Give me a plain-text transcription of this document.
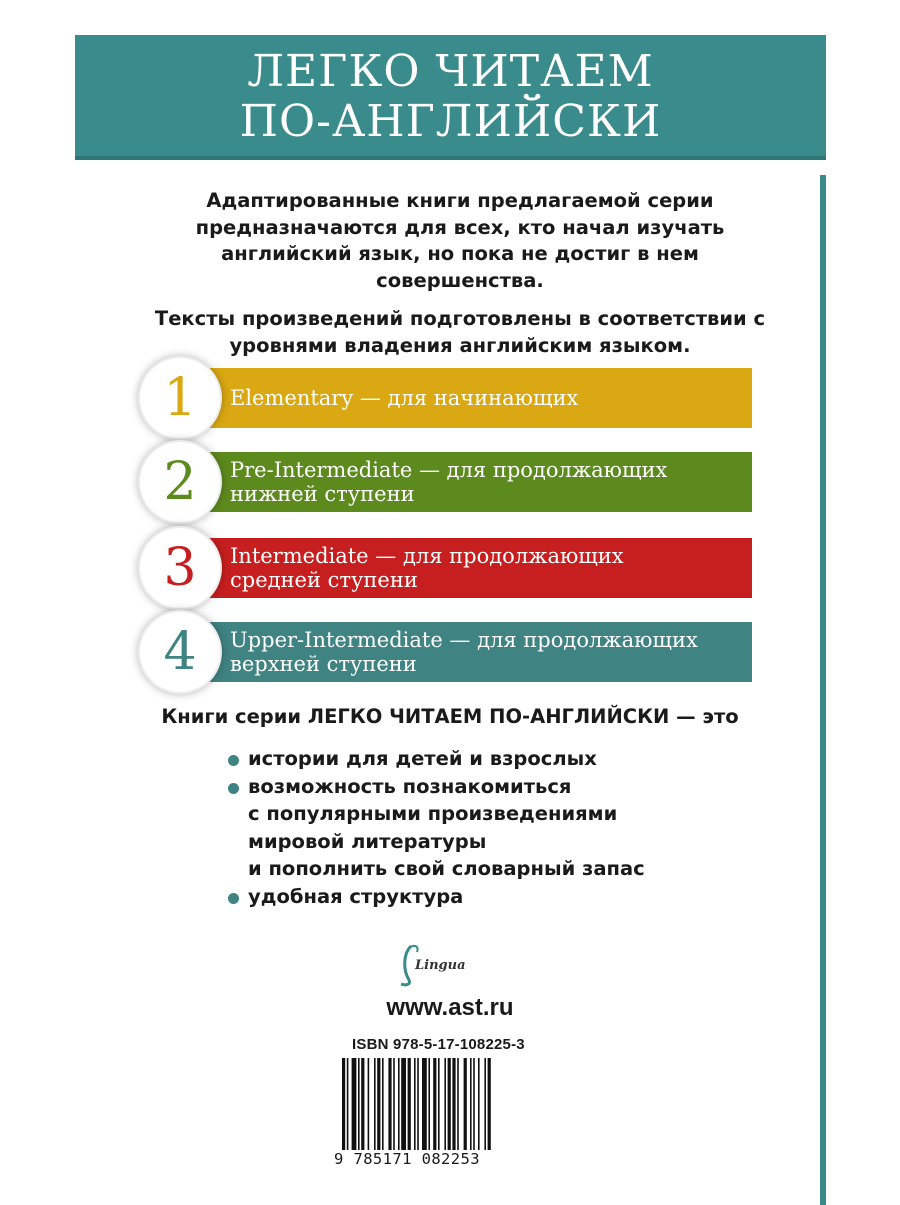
ЛЕГКО ЧИТАЕМ
ПО-АНГЛИЙСКИ

Адаптированные книги предлагаемой серии предназначаются для всех, кто начал изучать английский язык, но пока не достиг в нем совершенства.

Тексты произведений подготовлены в соответствии с уровнями владения английским языком.

1	Elementary — для начинающих
2	Pre-Intermediate — для продолжающих
нижней ступени
3	Intermediate — для продолжающих
средней ступени
4	Upper-Intermediate — для продолжающих
верхней ступени
Книги серии ЛЕГКО ЧИТАЕМ ПО-АНГЛИЙСКИ — это
истории для детей и взрослых
возможность познакомиться
с популярными произведениями
мировой литературы
и пополнить свой словарный запас
удобная структура
Lingua
www.ast.ru
ISBN 978-5-17-108225-3
9 785171 082253
